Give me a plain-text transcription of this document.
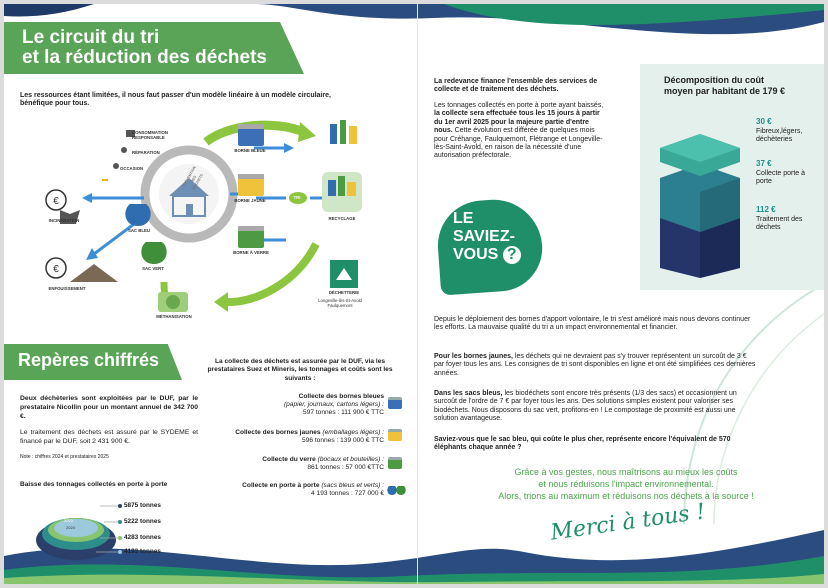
Le circuit du tri
et la réduction des déchets
Les ressources étant limitées, il nous faut passer d'un modèle linéaire à un modèle circulaire, bénéfique pour tous.
€
€
CONSOMMATION RESPONSABLE
RÉPARATION
OCCASION
INCINÉRATION
SAC BLEU
SAC VERT
ENFOUISSEMENT
MÉTHANISATION
BORNE BLEUE
BORNE JAUNE
BORNE À VERRE
TRI
RECYCLAGE
DÉCHETTERIE
Longeville-lès-St-Avold Faulquemont
PRÉVENTION DES DÉCHETS
Repères chiffrés
Deux déchèteries sont exploitées par le DUF, par le prestataire Nicollin pour un montant annuel de 342 700 €.
Le traitement des déchets est assuré par le SYDEME et financé par le DUF, soit 2 431 900 €.
Note : chiffres 2024 et prestataires 2025
Baisse des tonnages collectés en porte à porte
2021
2022
2023
2024
5875 tonnes
5222 tonnes
4283 tonnes
4193 tonnes
La collecte des déchets est assurée par le DUF, via les prestataires Suez et Mineris, les tonnages et coûts sont les suivants :
Collecte des bornes bleues
(papier, journaux, cartons légers) :
597 tonnes : 111 900 € TTC
Collecte des bornes jaunes (emballages légers) :
596 tonnes : 139 000 € TTC
Collecte du verre (bocaux et bouteilles) :
861 tonnes : 57 000 €TTC
Collecte en porte à porte (sacs bleus et verts) :
4 193 tonnes : 727 000 €
La redevance finance l'ensemble des services de collecte et de traitement des déchets.
Les tonnages collectés en porte à porte ayant baissés, la collecte sera effectuée tous les 15 jours à partir du 1er avril 2025 pour la majeure partie d'entre nous. Cette évolution est différée de quelques mois pour Créhange, Faulquemont, Flétrange et Longeville-lès-Saint-Avold, en raison de la nécessité d'une autorisation préfectorale.
Décomposition du coût moyen par habitant de 179 €
30 €
Fibreux,légers, déchèteries
37 €
Collecte porte à porte
112 €
Traitement des déchets
LE
SAVIEZ-
VOUS ?
Depuis le déploiement des bornes d'apport volontaire, le tri s'est amélioré mais nous devons continuer les efforts. La mauvaise qualité du tri a un impact environnemental et financier.
Pour les bornes jaunes, les déchets qui ne devraient pas s'y trouver représentent un surcoût de 3 € par foyer tous les ans. Les consignes de tri sont disponibles en ligne et ont été simplifiées ces dernières années.
Dans les sacs bleus, les biodéchets sont encore très présents (1/3 des sacs) et occasionnent un surcoût de l'ordre de 7 € par foyer tous les ans. Des solutions simples existent pour valoriser ses biodéchets. Nous disposons du sac vert, profitons-en ! Le compostage de proximité est aussi une solution avantageuse.
Saviez-vous que le sac bleu, qui coûte le plus cher, représente encore l'équivalent de 570 éléphants chaque année ?
Grâce à vos gestes, nous maîtrisons au mieux les coûts
et nous réduisons l'impact environnemental.
Alors, trions au maximum et réduisons nos déchets à la source !
Merci à tous !
